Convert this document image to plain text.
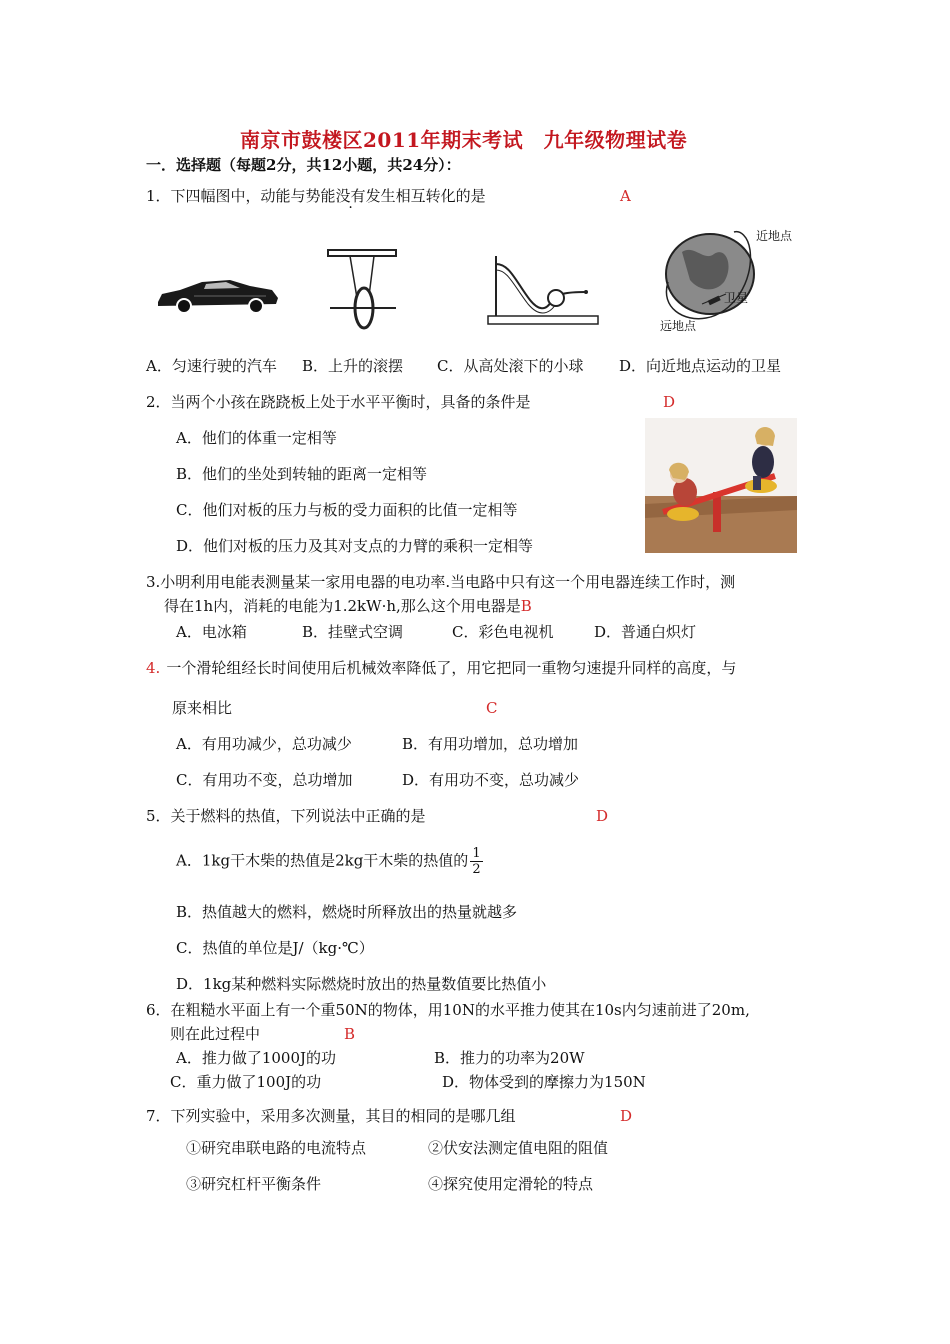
南京市鼓楼区2011年期末考试　九年级物理试卷
一．选择题（每题2分，共12小题，共24分）：
1．下四幅图中，动能与势能没有发生相互转化的是	A
近地点
卫星
远地点
A．匀速行驶的汽车 B．上升的滚摆 C．从高处滚下的小球 D．向近地点运动的卫星
2．当两个小孩在跷跷板上处于水平平衡时，具备的条件是	D
A．他们的体重一定相等
B．他们的坐处到转轴的距离一定相等
C．他们对板的压力与板的受力面积的比值一定相等
D．他们对板的压力及其对支点的力臂的乘积一定相等
3.小明利用电能表测量某一家用电器的电功率.当电路中只有这一个用电器连续工作时，测
得在1h内，消耗的电能为1.2kW·h,那么这个用电器是B
A．电冰箱	B．挂壁式空调	C．彩色电视机	D．普通白炽灯
4. 一个滑轮组经长时间使用后机械效率降低了，用它把同一重物匀速提升同样的高度，与
原来相比	C
A．有用功减少，总功减少	B．有用功增加，总功增加
C．有用功不变，总功增加	D．有用功不变，总功减少
5．关于燃料的热值，下列说法中正确的是	D
A．1kg干木柴的热值是2kg干木柴的热值的 $\frac{1}{2}$
B．热值越大的燃料，燃烧时所释放出的热量就越多
C．热值的单位是J/（kg·℃）
D．1kg某种燃料实际燃烧时放出的热量数值要比热值小
6．在粗糙水平面上有一个重50N的物体，用10N的水平推力使其在10s内匀速前进了20m,
则在此过程中	B
A．推力做了1000J的功	B．推力的功率为20W
C．重力做了100J的功	D．物体受到的摩擦力为150N
7．下列实验中，采用多次测量，其目的相同的是哪几组	D
①研究串联电路的电流特点	②伏安法测定值电阻的阻值
③研究杠杆平衡条件	④探究使用定滑轮的特点
